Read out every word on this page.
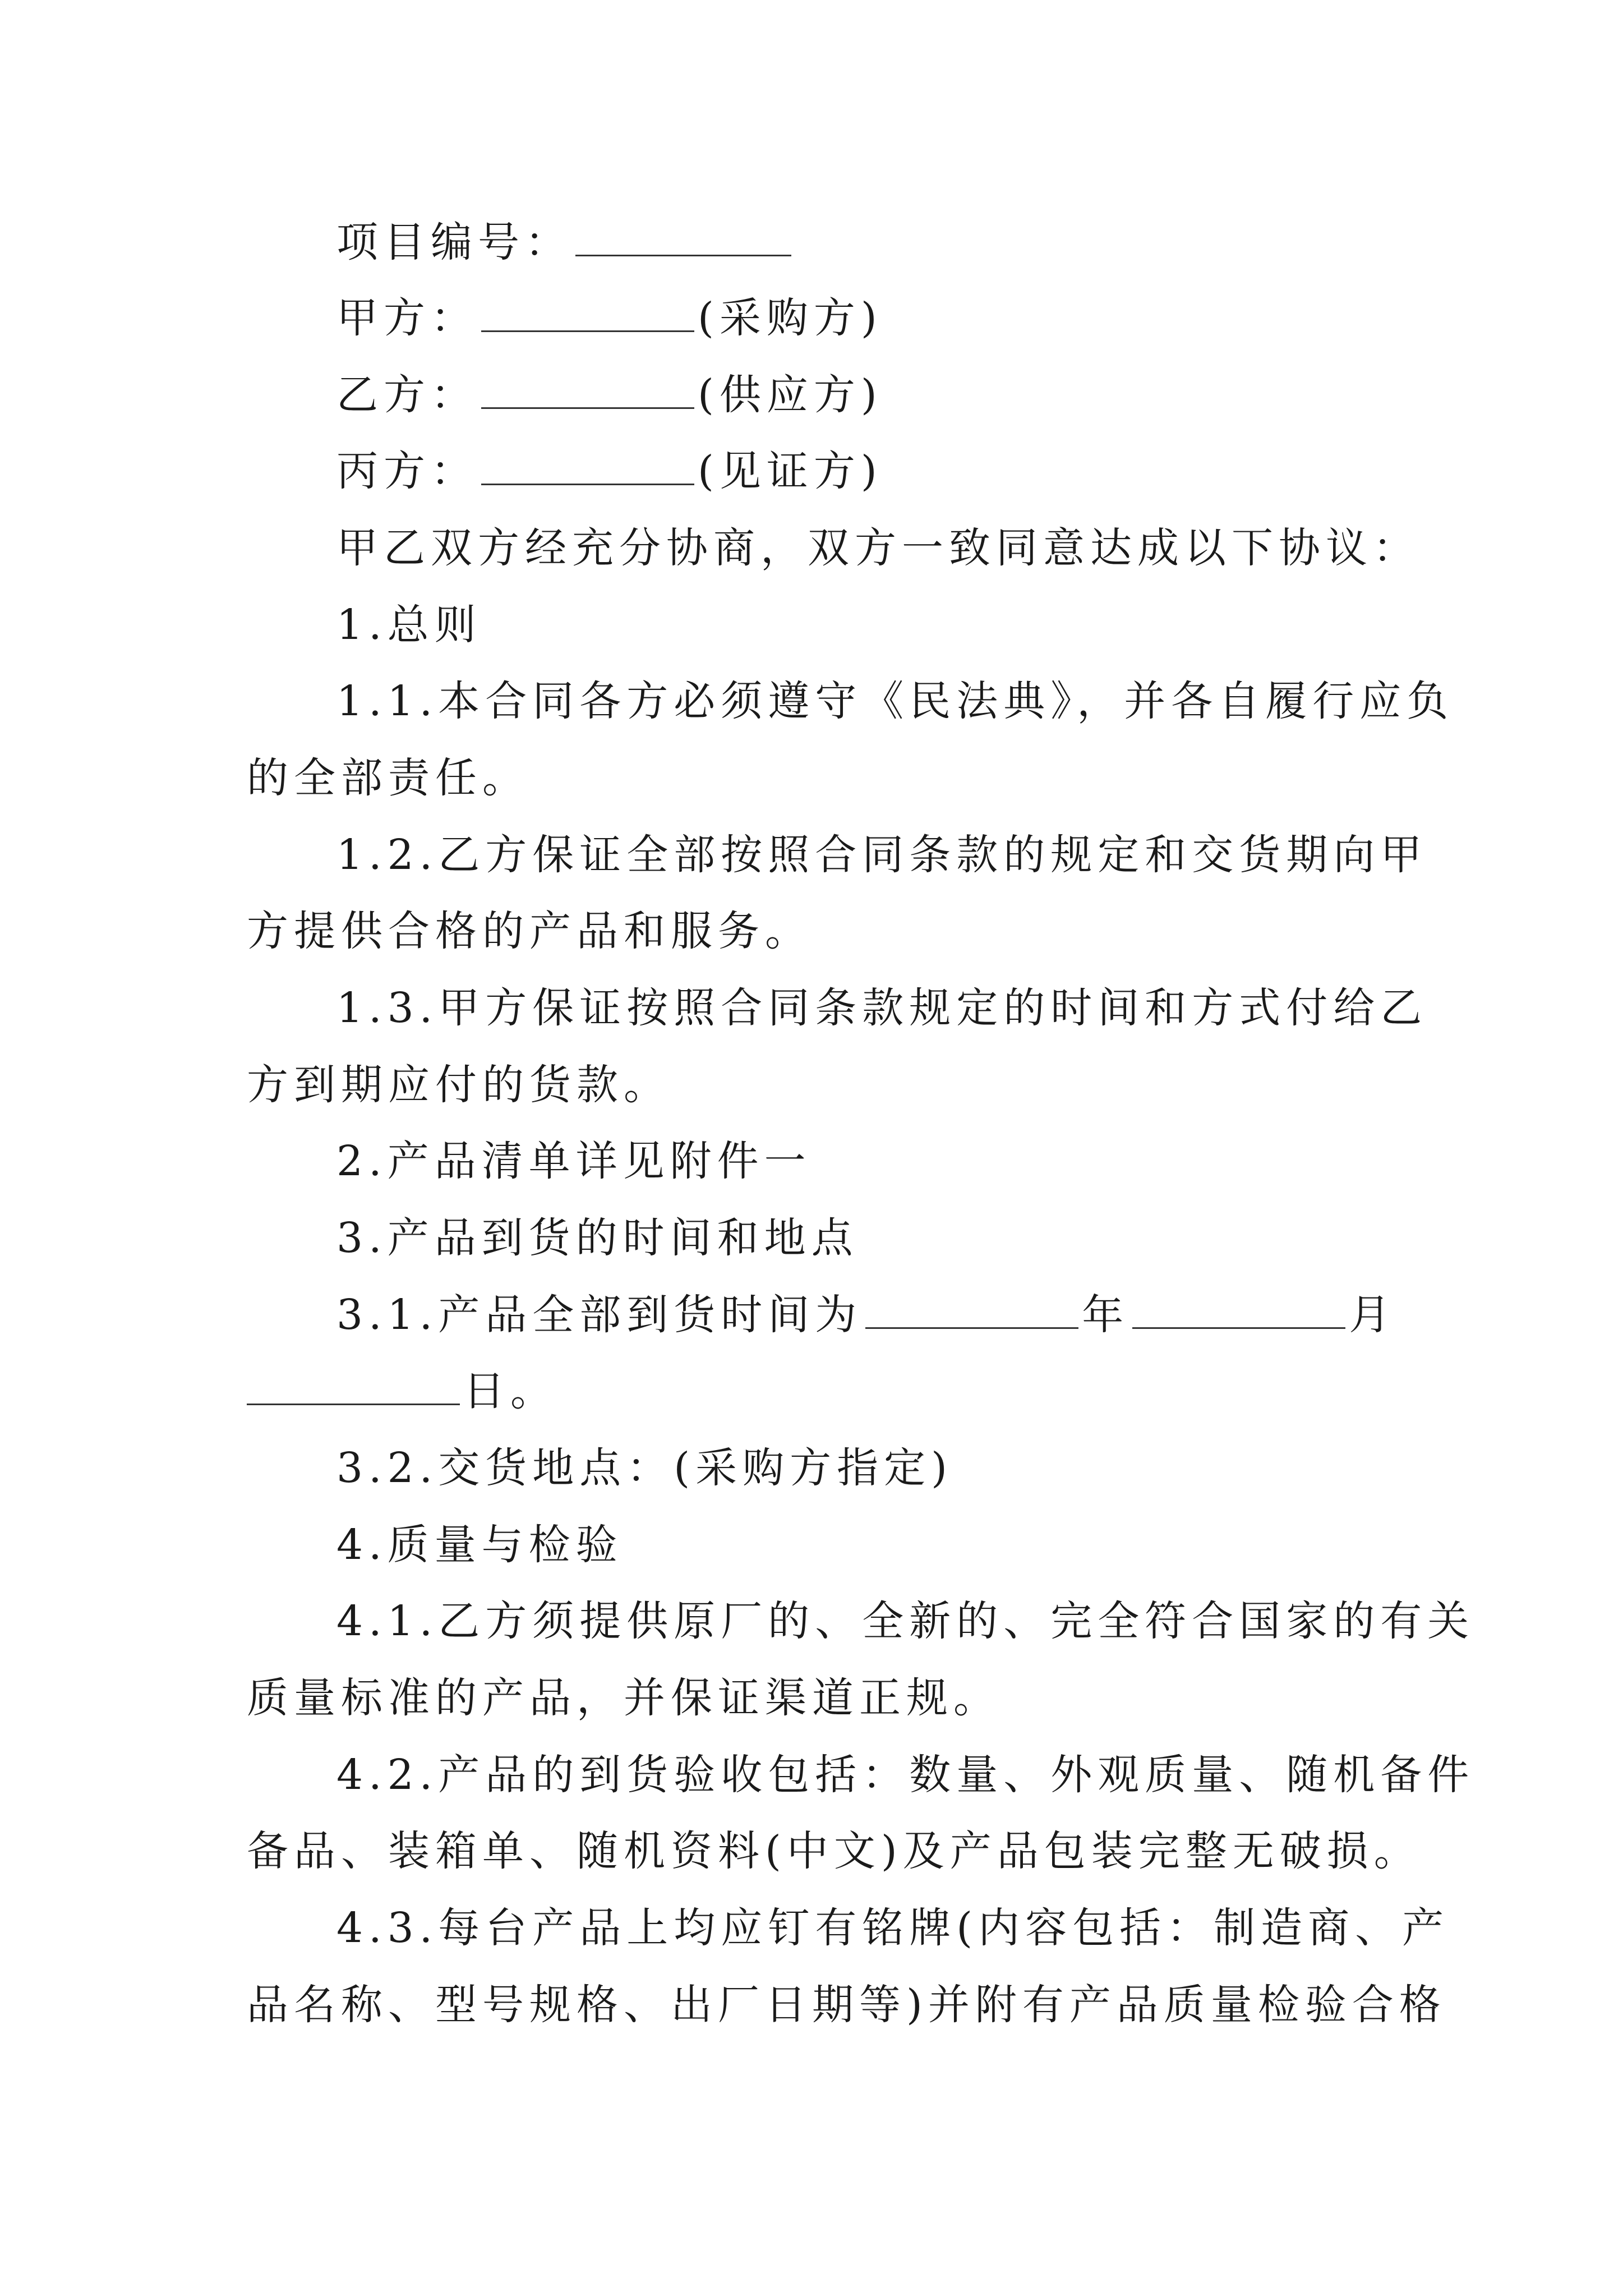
项目编号：
甲方：	(采购方)
乙方：	(供应方)
丙方：	(见证方)
甲乙双方经充分协商，双方一致同意达成以下协议：
1.总则
1.1.本合同各方必须遵守《民法典》，并各自履行应负
的全部责任。
1.2.乙方保证全部按照合同条款的规定和交货期向甲
方提供合格的产品和服务。
1.3.甲方保证按照合同条款规定的时间和方式付给乙
方到期应付的货款。
2.产品清单详见附件一
3.产品到货的时间和地点
3.1.产品全部到货时间为	年	月
日。
3.2.交货地点：(采购方指定)
4.质量与检验
4.1.乙方须提供原厂的、全新的、完全符合国家的有关
质量标准的产品，并保证渠道正规。
4.2.产品的到货验收包括：数量、外观质量、随机备件
备品、装箱单、随机资料(中文)及产品包装完整无破损。
4.3.每台产品上均应钉有铭牌(内容包括：制造商、产
品名称、型号规格、出厂日期等)并附有产品质量检验合格
